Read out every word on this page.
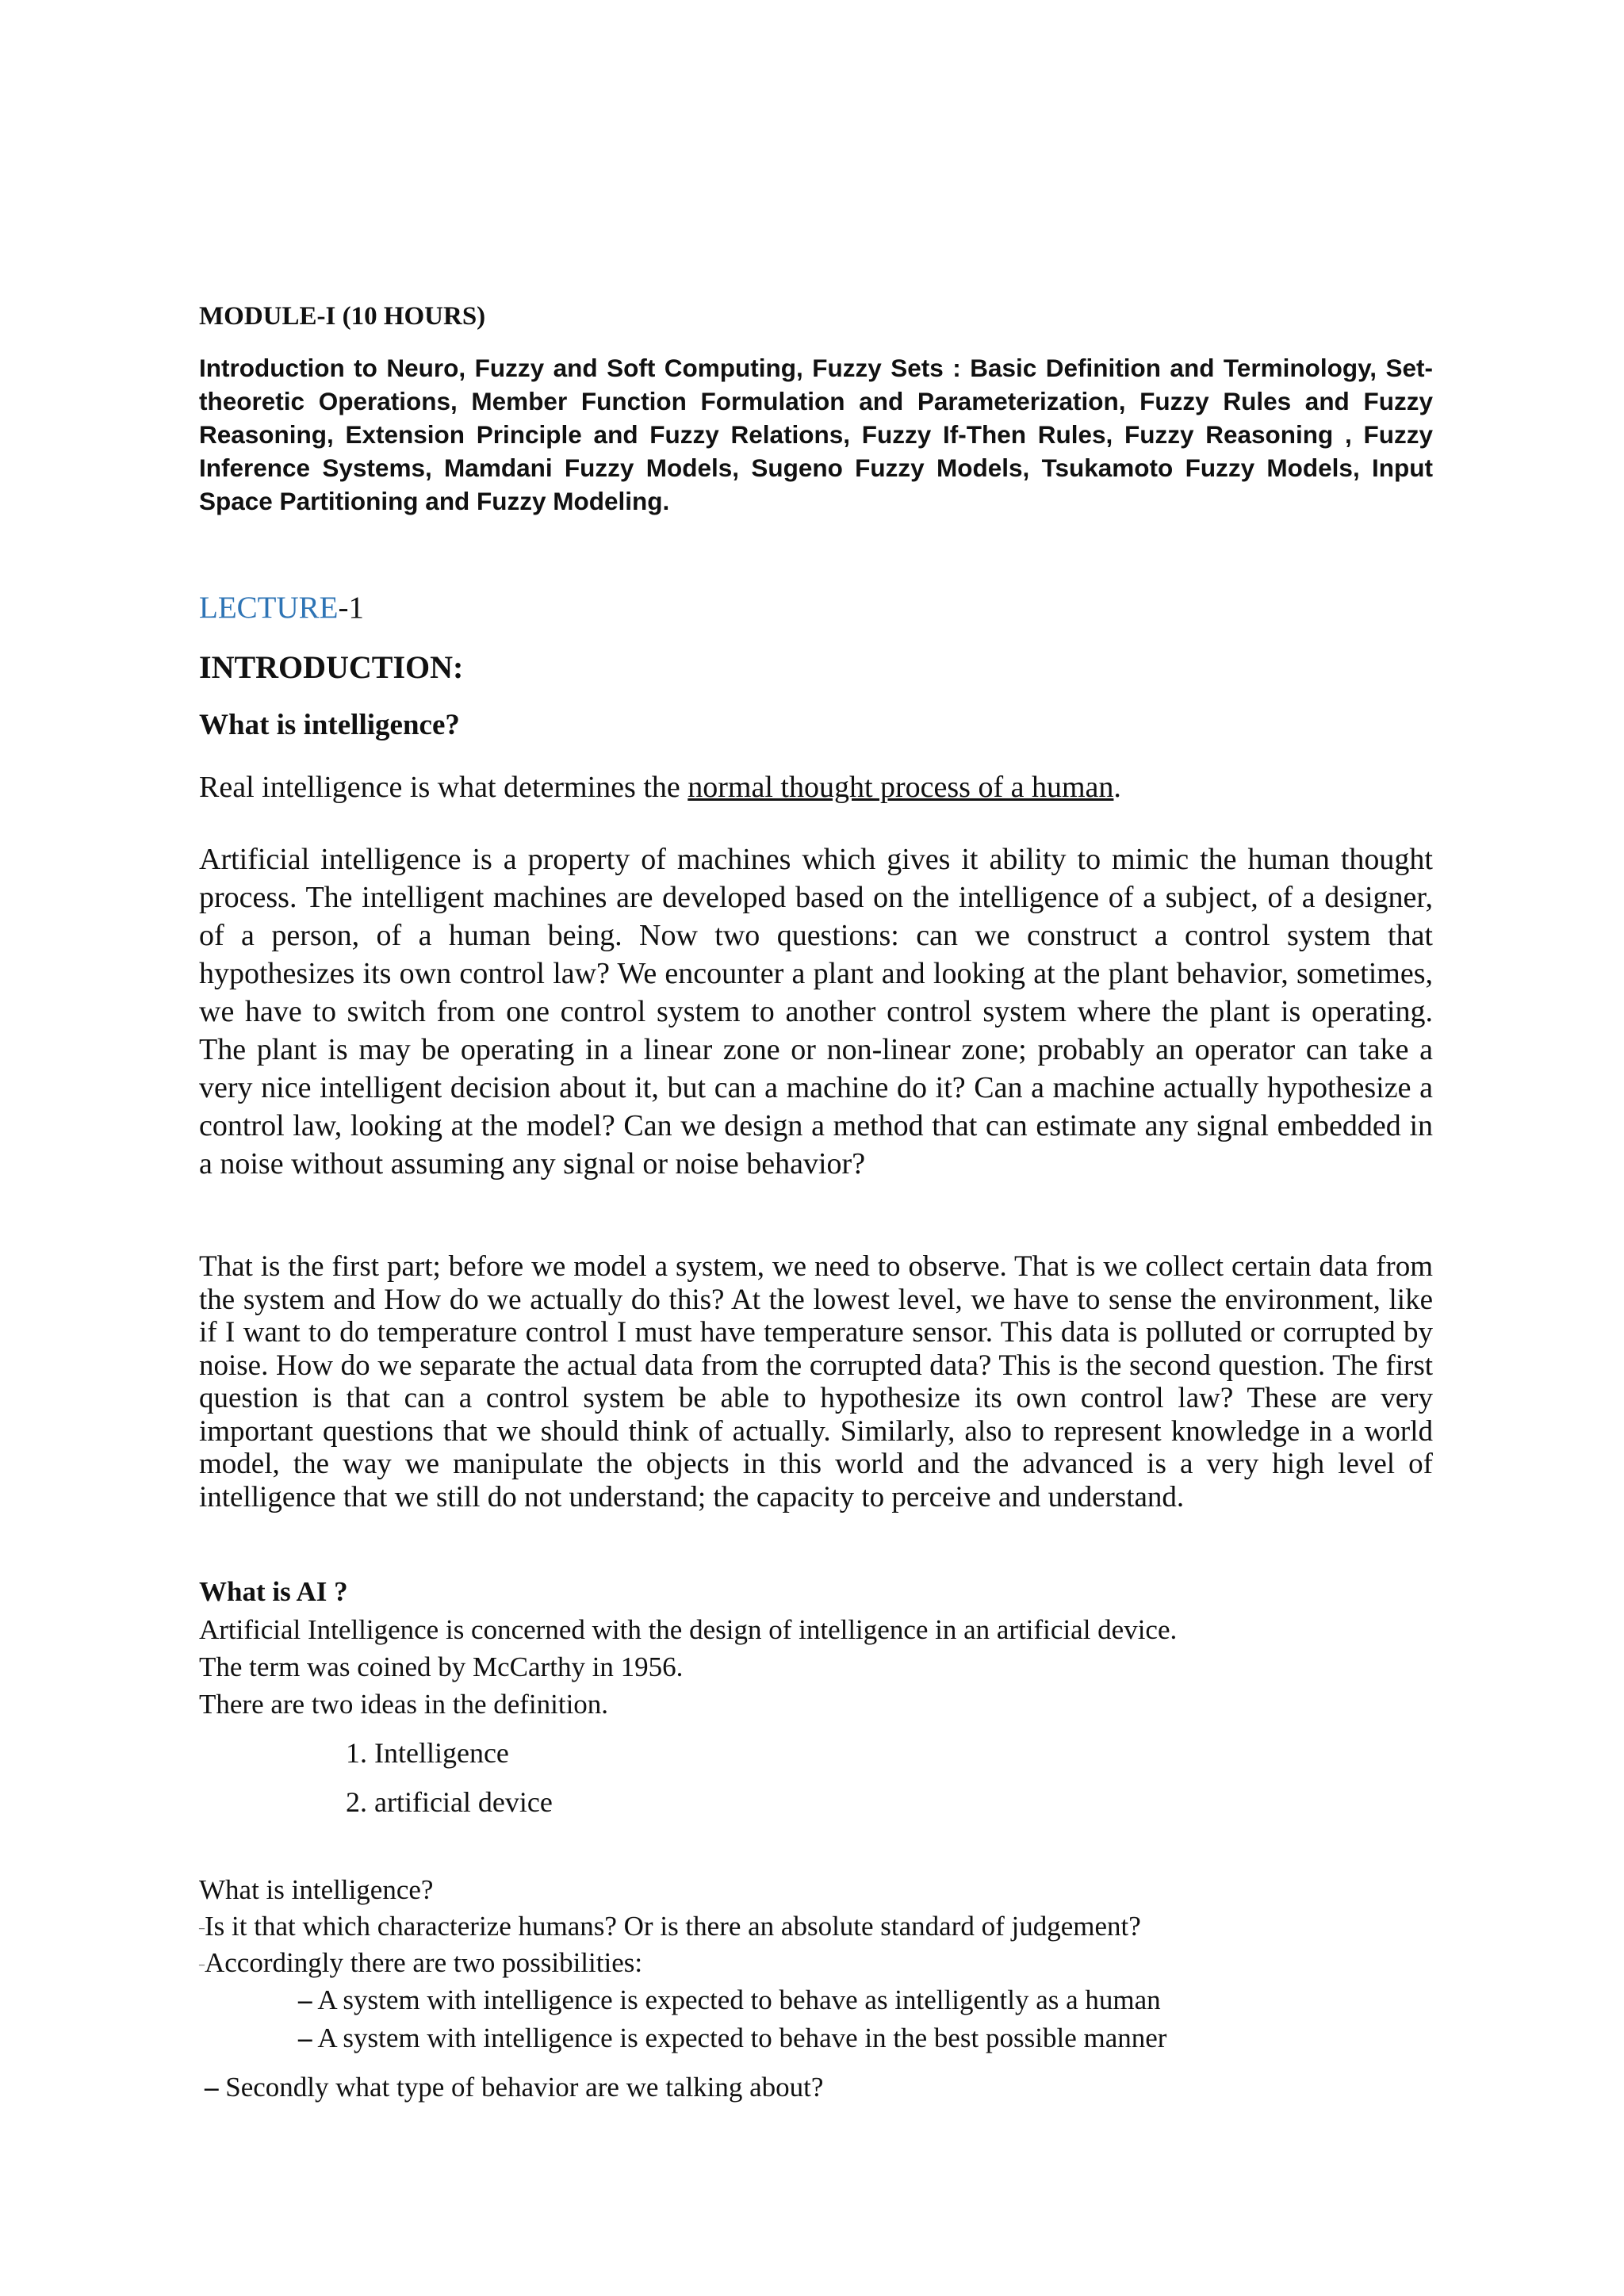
MODULE-I (10 HOURS)
Introduction to Neuro, Fuzzy and Soft Computing, Fuzzy Sets : Basic Definition and Terminology, Set-theoretic Operations, Member Function Formulation and Parameterization, Fuzzy Rules and Fuzzy Reasoning, Extension Principle and Fuzzy Relations, Fuzzy If-Then Rules, Fuzzy Reasoning , Fuzzy Inference Systems, Mamdani Fuzzy Models, Sugeno Fuzzy Models, Tsukamoto Fuzzy Models, Input Space Partitioning and Fuzzy Modeling.
LECTURE-1
INTRODUCTION:
What is intelligence?
Real intelligence is what determines the normal thought process of a human.
Artificial intelligence is a property of machines which gives it ability to mimic the human thought process. The intelligent machines are developed based on the intelligence of a subject, of a designer, of a person, of a human being. Now two questions: can we construct a control system that hypothesizes its own control law? We encounter a plant and looking at the plant behavior, sometimes, we have to switch from one control system to another control system where the plant is operating. The plant is may be operating in a linear zone or non-linear zone; probably an operator can take a very nice intelligent decision about it, but can a machine do it? Can a machine actually hypothesize a control law, looking at the model? Can we design a method that can estimate any signal embedded in a noise without assuming any signal or noise behavior?
That is the first part; before we model a system, we need to observe. That is we collect certain data from the system and How do we actually do this? At the lowest level, we have to sense the environment, like if I want to do temperature control I must have temperature sensor. This data is polluted or corrupted by noise. How do we separate the actual data from the corrupted data? This is the second question. The first question is that can a control system be able to hypothesize its own control law? These are very important questions that we should think of actually. Similarly, also to represent knowledge in a world model, the way we manipulate the objects in this world and the advanced is a very high level of intelligence that we still do not understand; the capacity to perceive and understand.
What is AI ?
Artificial Intelligence is concerned with the design of intelligence in an artificial device.
The term was coined by McCarthy in 1956.
There are two ideas in the definition.
1. Intelligence
2. artificial device
What is intelligence?
–Is it that which characterize humans? Or is there an absolute standard of judgement?
–Accordingly there are two possibilities:
– A system with intelligence is expected to behave as intelligently as a human
– A system with intelligence is expected to behave in the best possible manner
– Secondly what type of behavior are we talking about?
